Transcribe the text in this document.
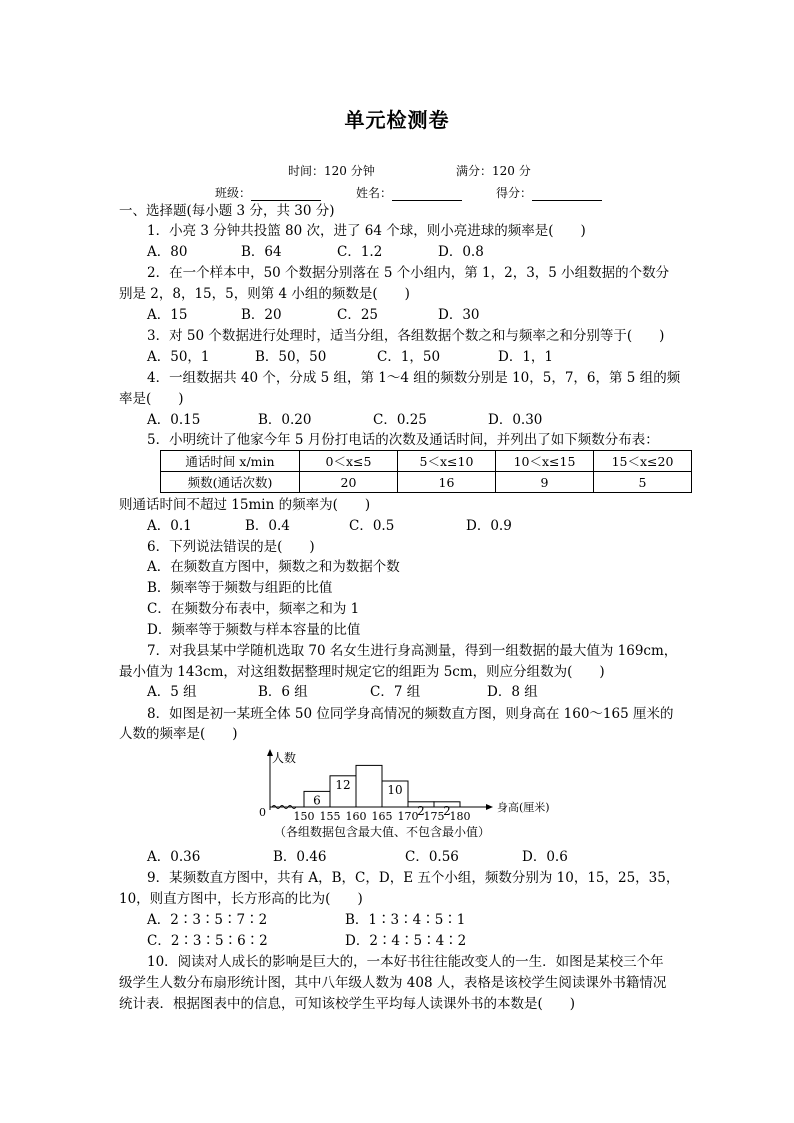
单元检测卷
时间：120 分钟	满分：120 分
班级：	姓名：	得分：
一、选择题(每小题 3 分，共 30 分)
1．小亮 3 分钟共投篮 80 次，进了 64 个球，则小亮进球的频率是(　　)
A．80	B．64	C．1.2	D．0.8
2．在一个样本中，50 个数据分别落在 5 个小组内，第 1，2，3，5 小组数据的个数分
别是 2，8，15，5，则第 4 小组的频数是(　　)
A．15	B．20	C．25	D．30
3．对 50 个数据进行处理时，适当分组，各组数据个数之和与频率之和分别等于(　　)
A．50，1	B．50，50	C．1，50	D．1，1
4．一组数据共 40 个，分成 5 组，第 1～4 组的频数分别是 10，5，7，6，第 5 组的频
率是(　　)
A．0.15	B．0.20	C．0.25	D．0.30
5．小明统计了他家今年 5 月份打电话的次数及通话时间，并列出了如下频数分布表：
通话时间 x/min	0＜x≤5	5＜x≤10	10＜x≤15	15＜x≤20
频数(通话次数)	20	16	9	5
则通话时间不超过 15min 的频率为(　　)
A．0.1	B．0.4	C．0.5	D．0.9
6．下列说法错误的是(　　)
A．在频数直方图中，频数之和为数据个数
B．频率等于频数与组距的比值
C．在频数分布表中，频率之和为 1
D．频率等于频数与样本容量的比值
7．对我县某中学随机选取 70 名女生进行身高测量，得到一组数据的最大值为 169cm，
最小值为 143cm，对这组数据整理时规定它的组距为 5cm，则应分组数为(　　)
A．5 组	B．6 组	C．7 组	D．8 组
8．如图是初一某班全体 50 位同学身高情况的频数直方图，则身高在 160～165 厘米的
人数的频率是(　　)
人数
身高(厘米)
0
6
12	10
2 2
150 155 160 165 170 175 180
（各组数据包含最大值、不包含最小值）
A．0.36	B．0.46	C．0.56	D．0.6
9．某频数直方图中，共有 A，B，C，D，E 五个小组，频数分别为 10，15，25，35，
10，则直方图中，长方形高的比为(　　)
A．2∶3∶5∶7∶2	B．1∶3∶4∶5∶1
C．2∶3∶5∶6∶2	D．2∶4∶5∶4∶2
10．阅读对人成长的影响是巨大的，一本好书往往能改变人的一生．如图是某校三个年
级学生人数分布扇形统计图，其中八年级人数为 408 人，表格是该校学生阅读课外书籍情况
统计表．根据图表中的信息，可知该校学生平均每人读课外书的本数是(　　)
